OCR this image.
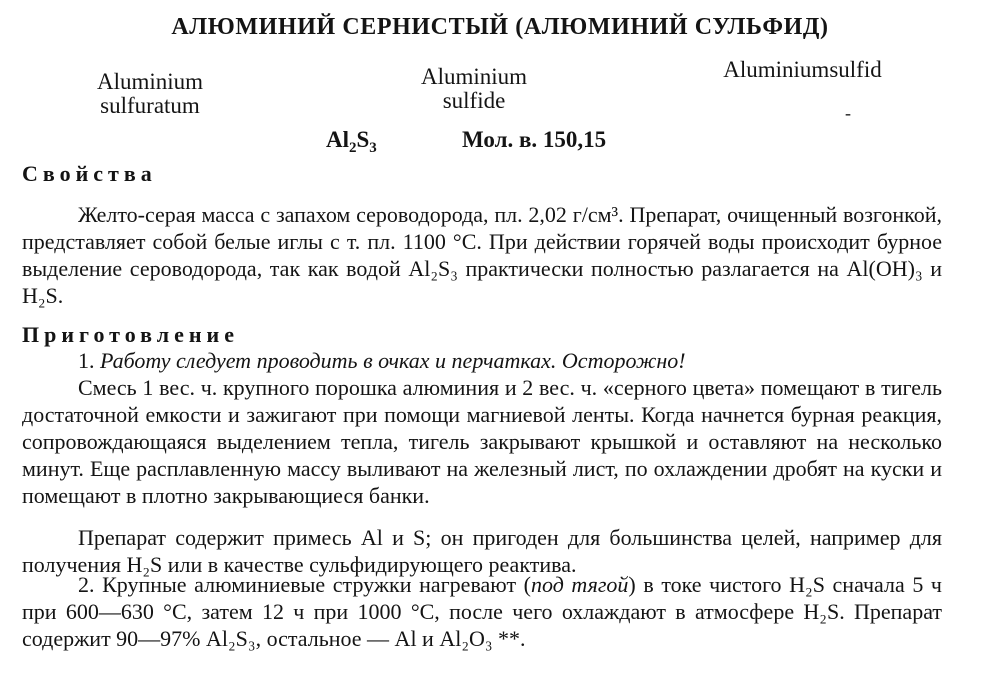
АЛЮМИНИЙ СЕРНИСТЫЙ (АЛЮМИНИЙ СУЛЬФИД)
Aluminium
sulfuratum
Aluminium
sulfide
Aluminiumsulfid
-
$Al_2S_3$	Мол. в. 150,15
Свойства

Желто-серая масса с запахом сероводорода, пл. 2,02 г/см³. Препарат, очищенный возгонкой, представляет собой белые иглы с т. пл. 1100 °С. При действии горячей воды происходит бурное выделение сероводорода, так как водой Al₂S₃ практически полностью разлагается на Al(OH)₃ и H₂S.

Приготовление

1. Работу следует проводить в очках и перчатках. Осторожно!

Смесь 1 вес. ч. крупного порошка алюминия и 2 вес. ч. «серного цвета» помещают в тигель достаточной емкости и зажигают при помощи магниевой ленты. Когда начнется бурная реакция, сопровождающаяся выделением тепла, тигель закрывают крышкой и оставляют на несколько минут. Еще расплавленную массу выливают на железный лист, по охлаждении дробят на куски и помещают в плотно закрывающиеся банки.

Препарат содержит примесь Al и S; он пригоден для большинства целей, например для получения H₂S или в качестве сульфидирующего реактива.

2. Крупные алюминиевые стружки нагревают (под тягой) в токе чистого H₂S сначала 5 ч при 600—630 °С, затем 12 ч при 1000 °С, после чего охлаждают в атмосфере H₂S. Препарат содержит 90—97% Al₂S₃, остальное — Al и Al₂O₃ **.
